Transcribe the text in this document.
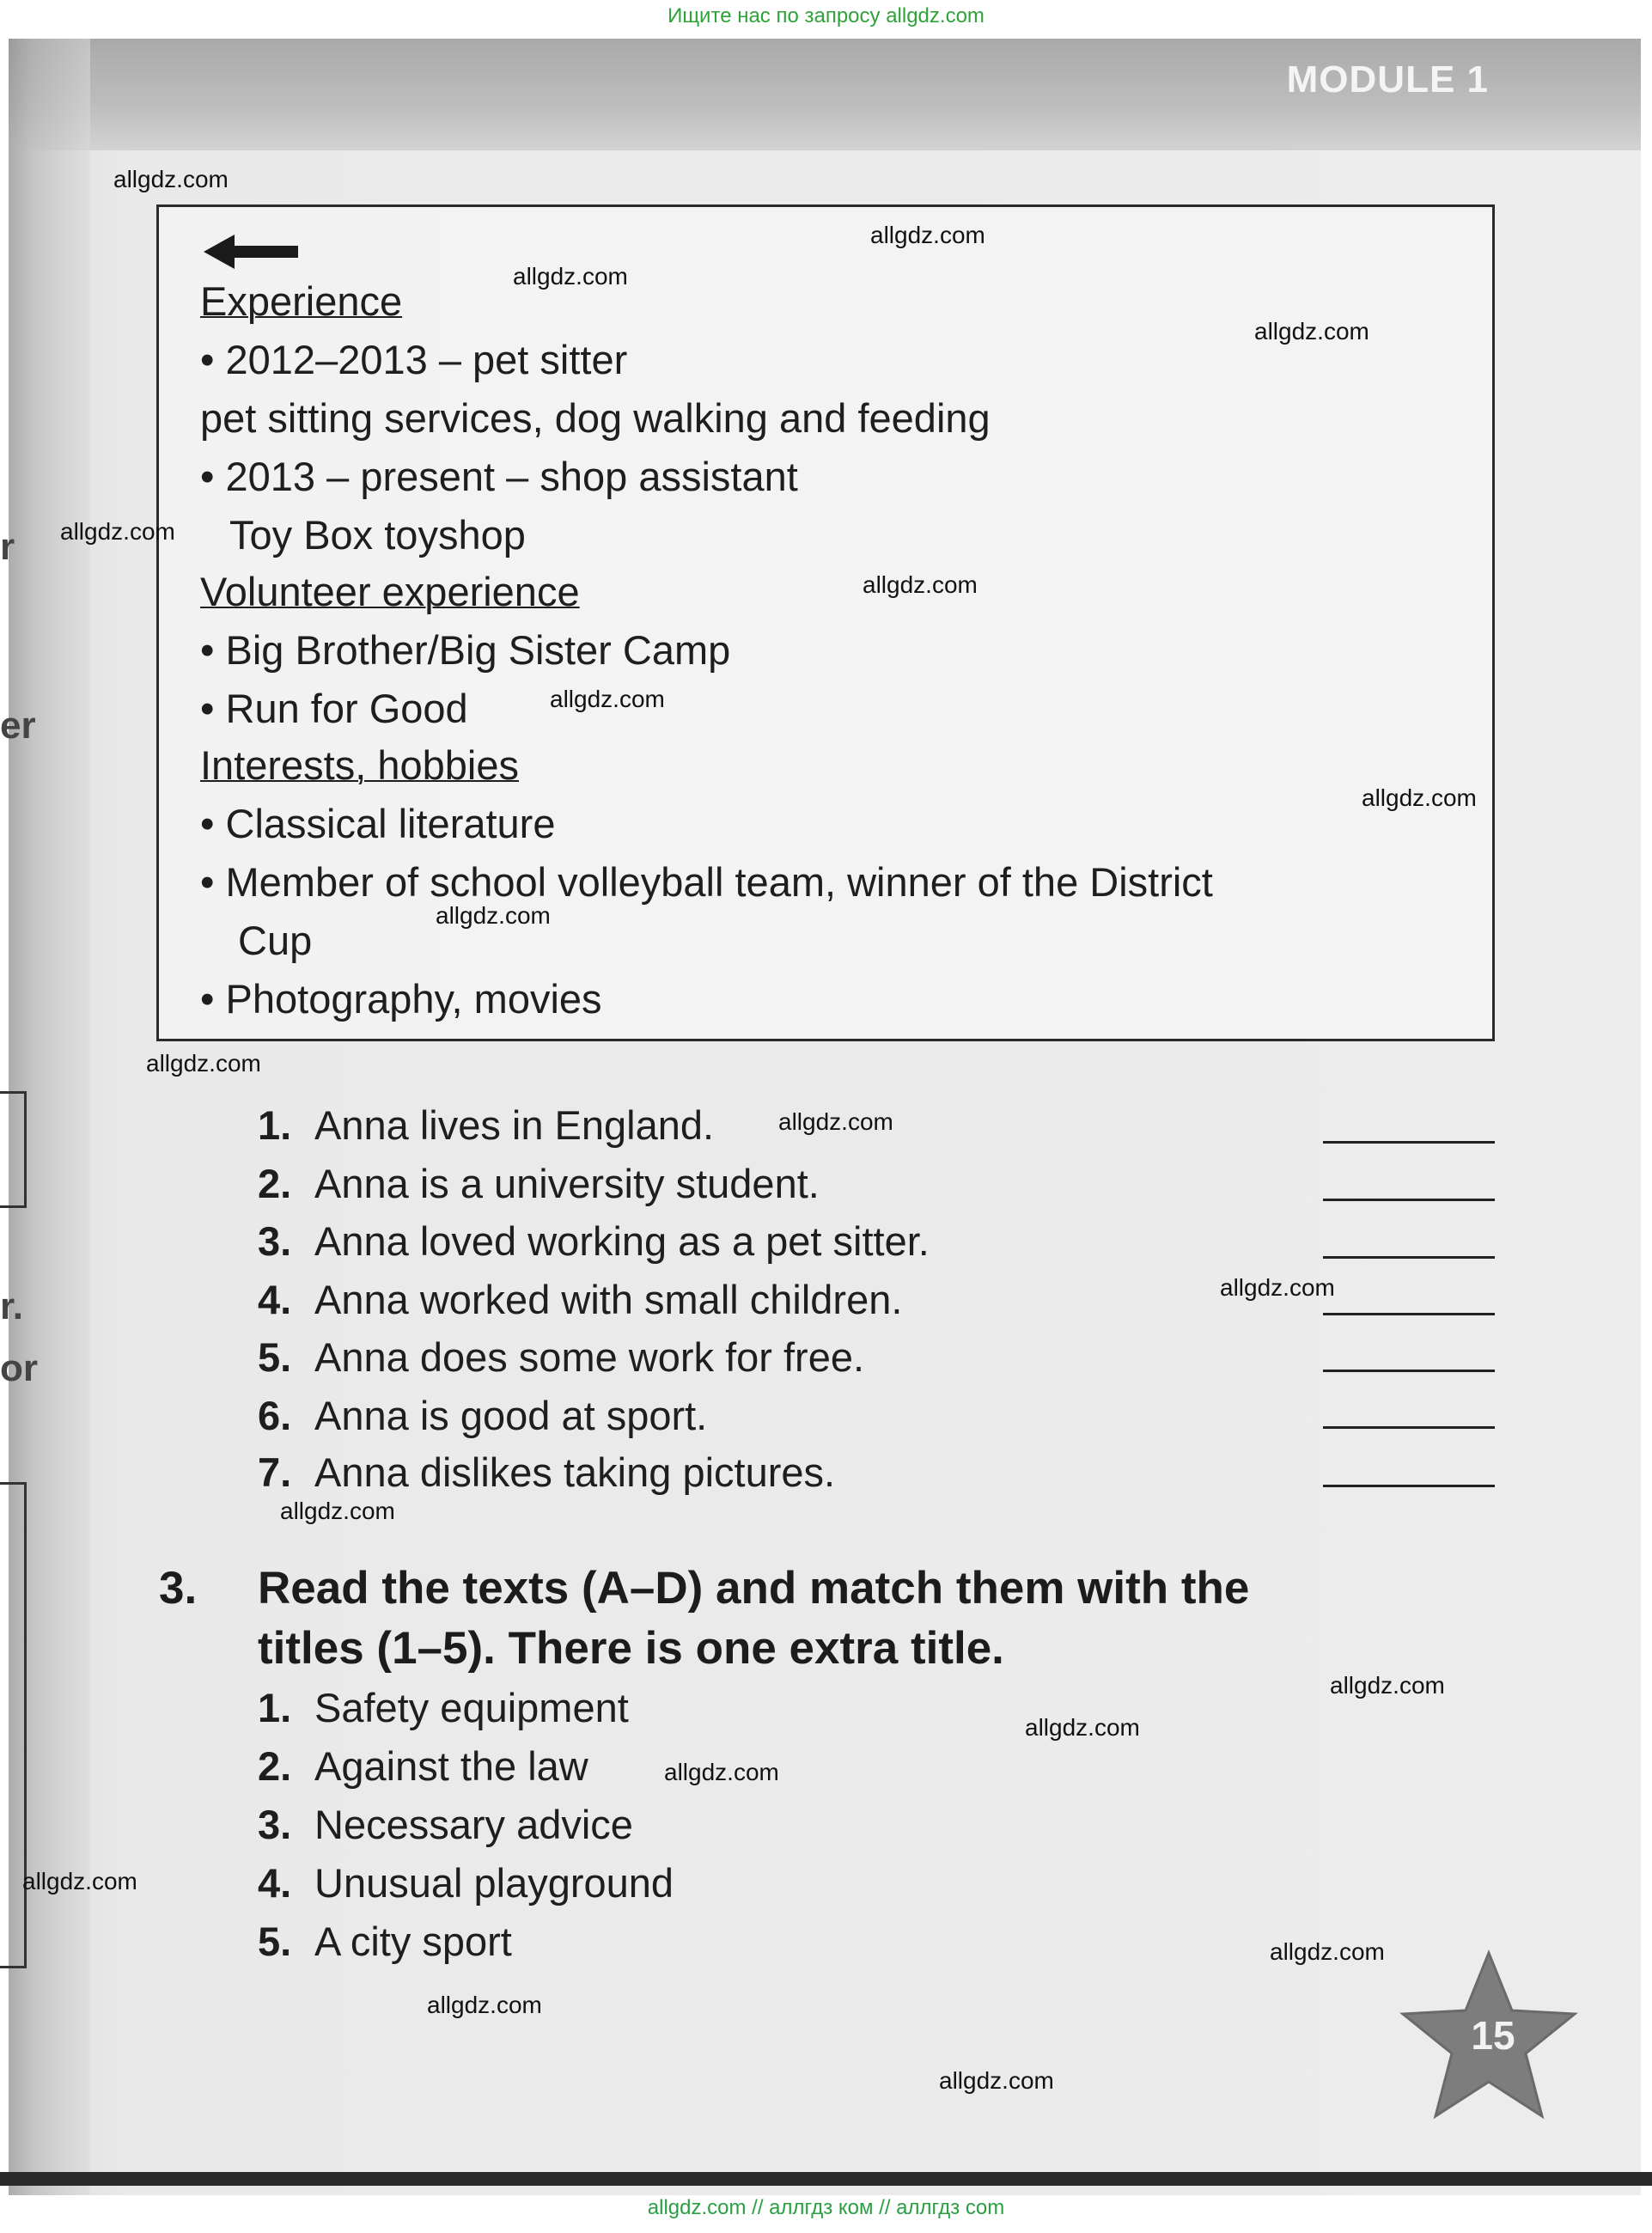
Ищите нас по запросу allgdz.com
MODULE 1
r
er
r.
or
Experience
• 2012–2013 – pet sitter
pet sitting services, dog walking and feeding
• 2013 – present – shop assistant
Toy Box toyshop
Volunteer experience
• Big Brother/Big Sister Camp
• Run for Good
Interests, hobbies
• Classical literature
• Member of school volleyball team, winner of the District
Cup
• Photography, movies
1. Anna lives in England.
2. Anna is a university student.
3. Anna loved working as a pet sitter.
4. Anna worked with small children.
5. Anna does some work for free.
6. Anna is good at sport.
7. Anna dislikes taking pictures.
3. Read the texts (A–D) and match them with the
titles (1–5). There is one extra title.
1. Safety equipment
2. Against the law
3. Necessary advice
4. Unusual playground
5. A city sport
15
allgdz.com
allgdz.com
allgdz.com
allgdz.com
allgdz.com
allgdz.com
allgdz.com
allgdz.com
allgdz.com
allgdz.com
allgdz.com
allgdz.com
allgdz.com
allgdz.com
allgdz.com
allgdz.com
allgdz.com
allgdz.com
allgdz.com
allgdz.com
allgdz.com // аллгдз ком // аллгдз com
